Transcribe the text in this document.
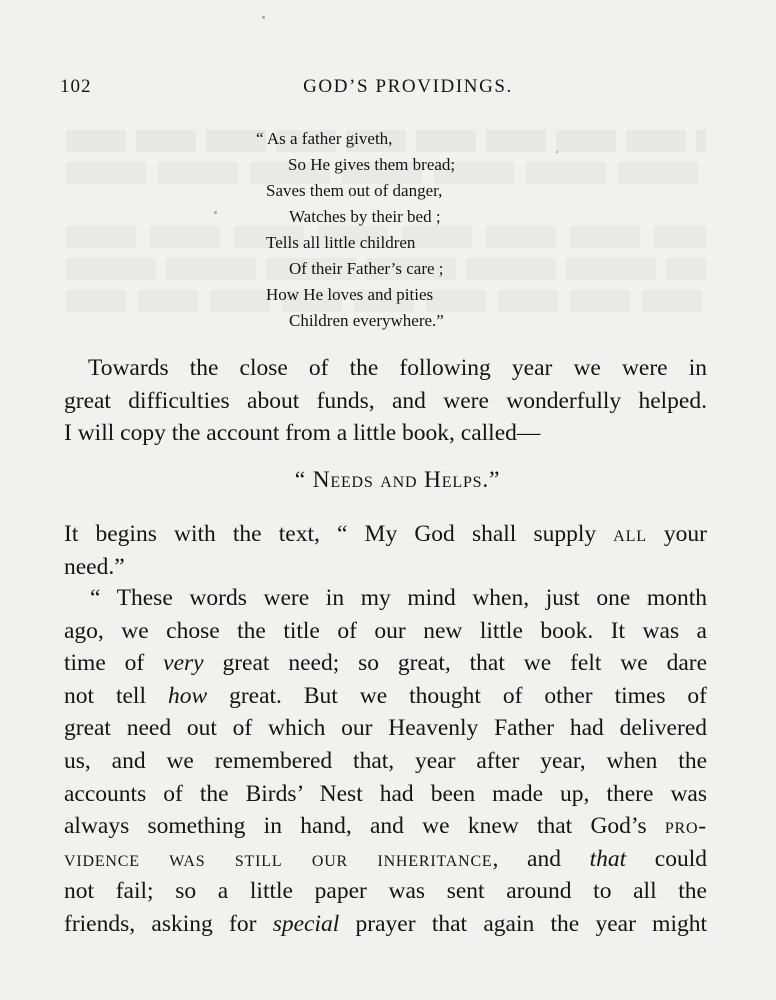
102	GOD’S PROVIDINGS.
“ As a father giveth,
So He gives them bread;
Saves them out of danger,
Watches by their bed ;
Tells all little children
Of their Father’s care ;
How He loves and pities
Children everywhere.”
Towards the close of the following year we were in
great difficulties about funds, and were wonderfully helped.
I will copy the account from a little book, called—
“ Needs and Helps.”
It begins with the text, “ My God shall supply all your
need.”
“ These words were in my mind when, just one month
ago, we chose the title of our new little book. It was a
time of very great need; so great, that we felt we dare
not tell how great. But we thought of other times of
great need out of which our Heavenly Father had delivered
us, and we remembered that, year after year, when the
accounts of the Birds’ Nest had been made up, there was
always something in hand, and we knew that God’s pro-
vidence was still our inheritance, and that could
not fail; so a little paper was sent around to all the
friends, asking for special prayer that again the year might
